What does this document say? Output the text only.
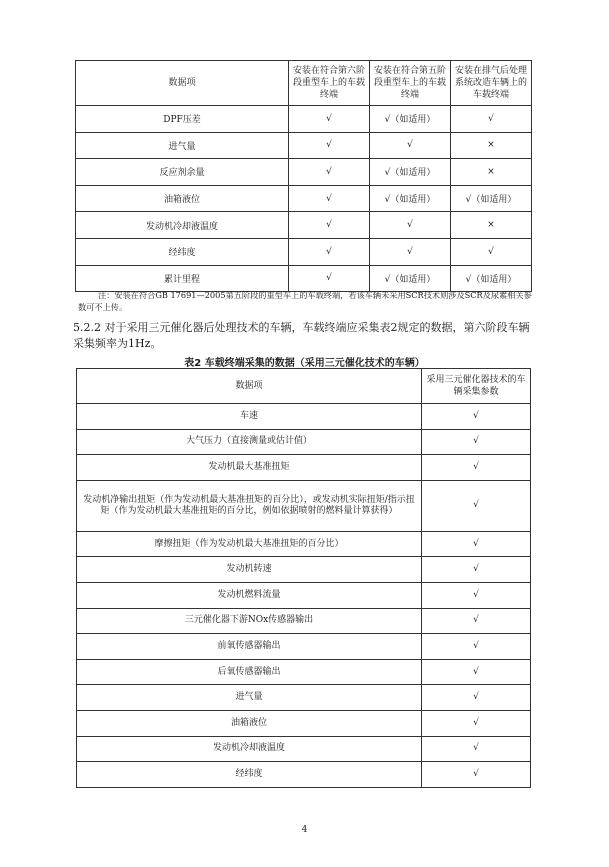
数据项	安装在符合第六阶段重型车上的车载终端	安装在符合第五阶段重型车上的车载终端	安装在排气后处理系统改造车辆上的车载终端
DPF压差	√	√（如适用）	√
进气量	√	√	×
反应剂余量	√	√（如适用）	×
油箱液位	√	√（如适用）	√（如适用）
发动机冷却液温度	√	√	×
经纬度	√	√	√
累计里程	√	√（如适用）	√（如适用）
注：安装在符合GB 17691—2005第五阶段的重型车上的车载终端，若该车辆未采用SCR技术则涉及SCR及尿素相关参数可不上传。
5.2.2 对于采用三元催化器后处理技术的车辆，车载终端应采集表2规定的数据，第六阶段车辆采集频率为1Hz。
表2 车载终端采集的数据（采用三元催化技术的车辆）
数据项	采用三元催化器技术的车辆采集参数
车速	√
大气压力（直接测量或估计值）	√
发动机最大基准扭矩	√
发动机净输出扭矩（作为发动机最大基准扭矩的百分比），或发动机实际扭矩/指示扭矩（作为发动机最大基准扭矩的百分比，例如依据喷射的燃料量计算获得）	√
摩擦扭矩（作为发动机最大基准扭矩的百分比）	√
发动机转速	√
发动机燃料流量	√
三元催化器下游NOx传感器输出	√
前氧传感器输出	√
后氧传感器输出	√
进气量	√
油箱液位	√
发动机冷却液温度	√
经纬度	√
4
